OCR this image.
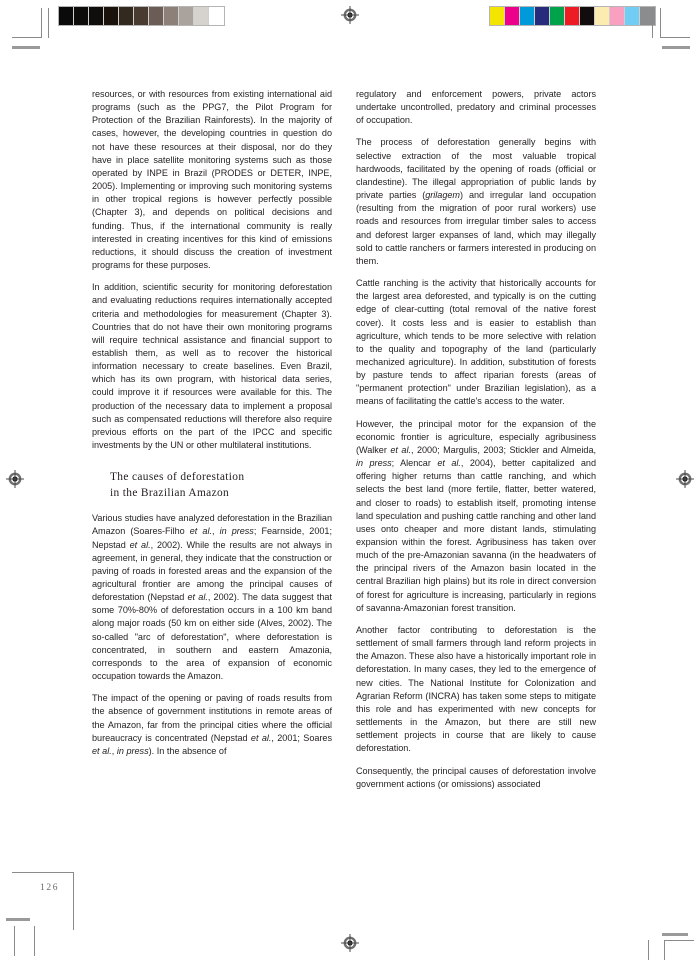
resources, or with resources from existing international aid programs (such as the PPG7, the Pilot Program for Protection of the Brazilian Rainforests). In the majority of cases, however, the developing countries in question do not have these resources at their disposal, nor do they have in place satellite monitoring systems such as those operated by INPE in Brazil (PRODES or DETER, INPE, 2005). Implementing or improving such monitoring systems in other tropical regions is however perfectly possible (Chapter 3), and depends on political decisions and funding. Thus, if the international community is really interested in creating incentives for this kind of emissions reductions, it should discuss the creation of investment programs for these purposes.

In addition, scientific security for monitoring deforestation and evaluating reductions requires internationally accepted criteria and methodologies for measurement (Chapter 3). Countries that do not have their own monitoring programs will require technical assistance and financial support to establish them, as well as to recover the historical information necessary to create baselines. Even Brazil, which has its own program, with historical data series, could improve it if resources were available for this. The production of the necessary data to implement a proposal such as compensated reductions will therefore also require previous efforts on the part of the IPCC and specific investments by the UN or other multilateral institutions.

The causes of deforestation
in the Brazilian Amazon

Various studies have analyzed deforestation in the Brazilian Amazon (Soares-Filho et al., in press; Fearnside, 2001; Nepstad et al., 2002). While the results are not always in agreement, in general, they indicate that the construction or paving of roads in forested areas and the expansion of the agricultural frontier are among the principal causes of deforestation (Nepstad et al., 2002). The data suggest that some 70%-80% of deforestation occurs in a 100 km band along major roads (50 km on either side (Alves, 2002). The so-called "arc of deforestation", where deforestation is concentrated, in southern and eastern Amazonia, corresponds to the area of expansion of economic occupation towards the Amazon.

The impact of the opening or paving of roads results from the absence of government institutions in remote areas of the Amazon, far from the principal cities where the official bureaucracy is concentrated (Nepstad et al., 2001; Soares et al., in press). In the absence of

regulatory and enforcement powers, private actors undertake uncontrolled, predatory and criminal processes of occupation.

The process of deforestation generally begins with selective extraction of the most valuable tropical hardwoods, facilitated by the opening of roads (official or clandestine). The illegal appropriation of public lands by private parties (grilagem) and irregular land occupation (resulting from the migration of poor rural workers) use roads and resources from irregular timber sales to access and deforest larger expanses of land, which may illegally sold to cattle ranchers or farmers interested in producing on them.

Cattle ranching is the activity that historically accounts for the largest area deforested, and typically is on the cutting edge of clear-cutting (total removal of the native forest cover). It costs less and is easier to establish than agriculture, which tends to be more selective with relation to the quality and topography of the land (particularly mechanized agriculture). In addition, substitution of forests by pasture tends to affect riparian forests (areas of "permanent protection" under Brazilian legislation), as a means of facilitating the cattle's access to the water.

However, the principal motor for the expansion of the economic frontier is agriculture, especially agribusiness (Walker et al., 2000; Margulis, 2003; Stickler and Almeida, in press; Alencar et al., 2004), better capitalized and offering higher returns than cattle ranching, and which selects the best land (more fertile, flatter, better watered, and closer to roads) to establish itself, promoting intense land speculation and pushing cattle ranching and other land uses onto cheaper and more distant lands, stimulating expansion within the forest. Agribusiness has taken over much of the pre-Amazonian savanna (in the headwaters of the principal rivers of the Amazon basin located in the central Brazilian high plains) but its role in direct conversion of forest for agriculture is increasing, particularly in regions of savanna-Amazonian forest transition.

Another factor contributing to deforestation is the settlement of small farmers through land reform projects in the Amazon. These also have a historically important role in deforestation. In many cases, they led to the emergence of new cities. The National Institute for Colonization and Agrarian Reform (INCRA) has taken some steps to mitigate this role and has experimented with new concepts for settlements in the Amazon, but there are still new settlement projects in course that are likely to cause deforestation.

Consequently, the principal causes of deforestation involve government actions (or omissions) associated

126
